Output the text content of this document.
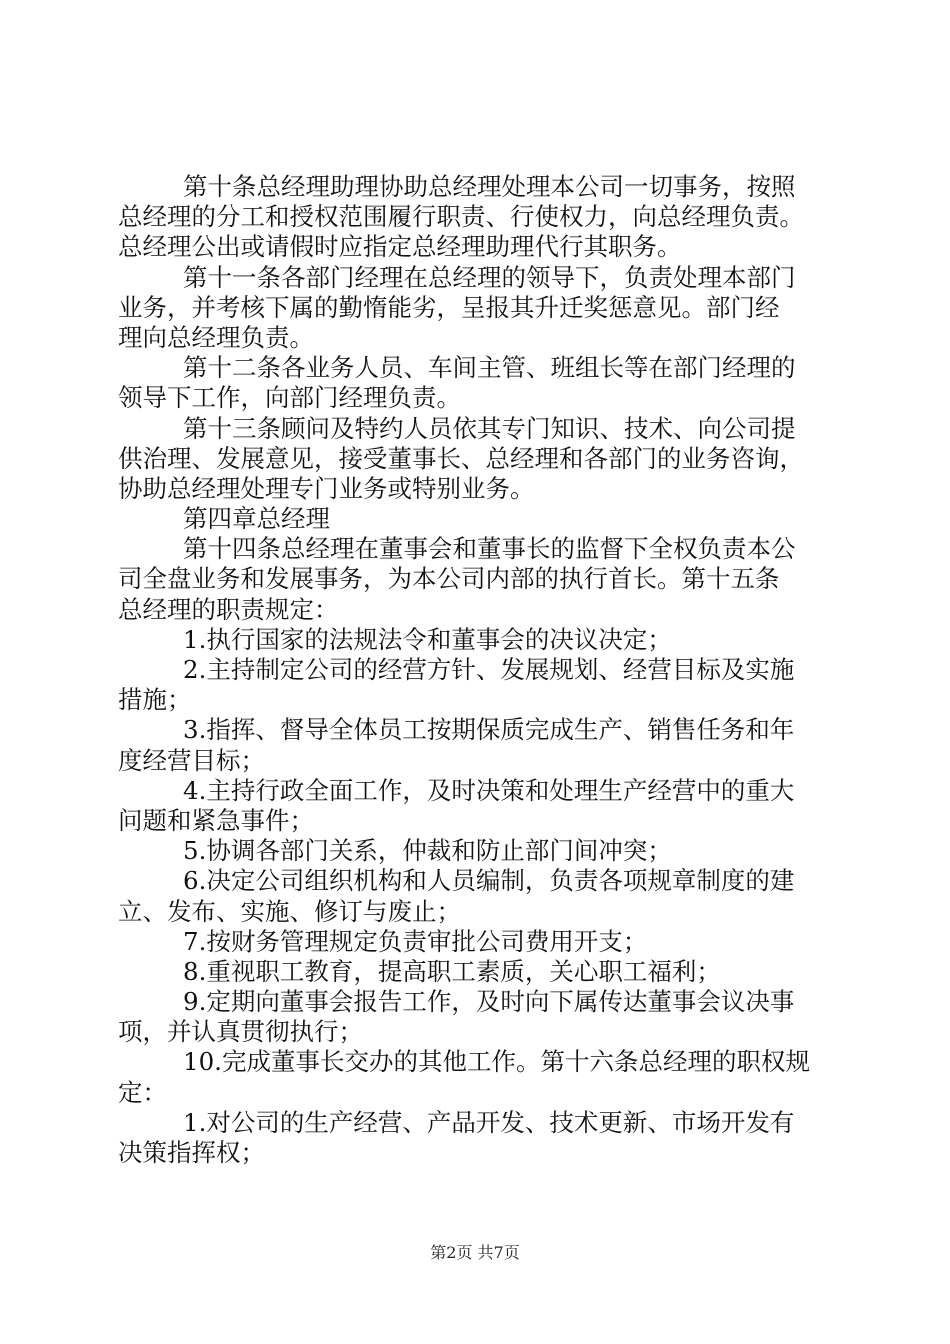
第十条总经理助理协助总经理处理本公司一切事务，按照
总经理的分工和授权范围履行职责、行使权力，向总经理负责。
总经理公出或请假时应指定总经理助理代行其职务。
第十一条各部门经理在总经理的领导下，负责处理本部门
业务，并考核下属的勤惰能劣，呈报其升迁奖惩意见。部门经
理向总经理负责。
第十二条各业务人员、车间主管、班组长等在部门经理的
领导下工作，向部门经理负责。
第十三条顾问及特约人员依其专门知识、技术、向公司提
供治理、发展意见，接受董事长、总经理和各部门的业务咨询，
协助总经理处理专门业务或特别业务。
第四章总经理
第十四条总经理在董事会和董事长的监督下全权负责本公
司全盘业务和发展事务，为本公司内部的执行首长。第十五条
总经理的职责规定：
1.执行国家的法规法令和董事会的决议决定；
2.主持制定公司的经营方针、发展规划、经营目标及实施
措施；
3.指挥、督导全体员工按期保质完成生产、销售任务和年
度经营目标；
4.主持行政全面工作，及时决策和处理生产经营中的重大
问题和紧急事件；
5.协调各部门关系，仲裁和防止部门间冲突；
6.决定公司组织机构和人员编制，负责各项规章制度的建
立、发布、实施、修订与废止；
7.按财务管理规定负责审批公司费用开支；
8.重视职工教育，提高职工素质，关心职工福利；
9.定期向董事会报告工作，及时向下属传达董事会议决事
项，并认真贯彻执行；
10.完成董事长交办的其他工作。第十六条总经理的职权规
定：
1.对公司的生产经营、产品开发、技术更新、市场开发有
决策指挥权；
第2页 共7页
